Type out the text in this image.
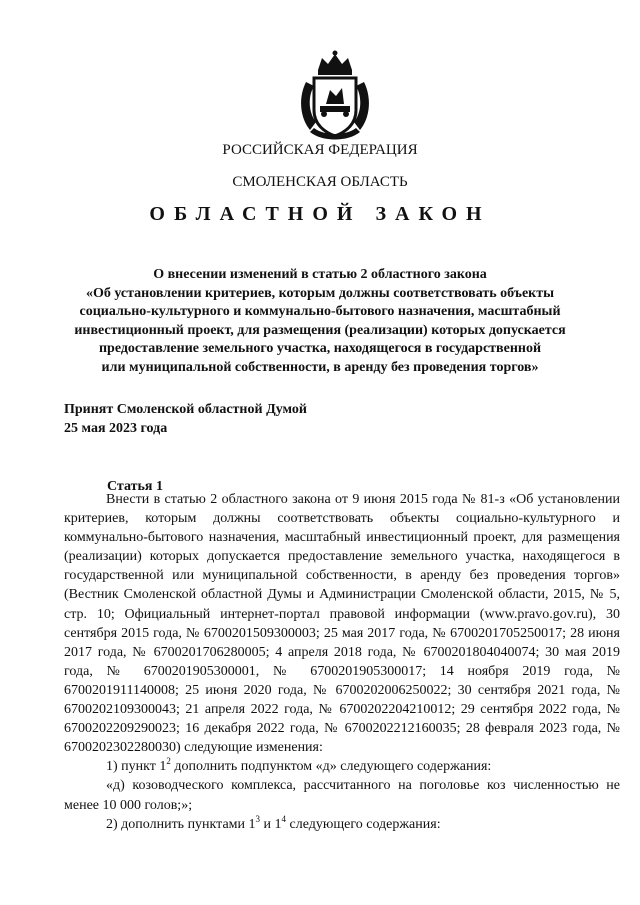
РОССИЙСКАЯ ФЕДЕРАЦИЯ
СМОЛЕНСКАЯ ОБЛАСТЬ
ОБЛАСТНОЙ ЗАКОН
О внесении изменений в статью 2 областного закона
«Об установлении критериев, которым должны соответствовать объекты
социально-культурного и коммунально-бытового назначения, масштабный
инвестиционный проект, для размещения (реализации) которых допускается
предоставление земельного участка, находящегося в государственной
или муниципальной собственности, в аренду без проведения торгов»
Принят Смоленской областной Думой
25 мая 2023 года
Статья 1

Внести в статью 2 областного закона от 9 июня 2015 года № 81-з «Об установлении критериев, которым должны соответствовать объекты социально-культурного и коммунально-бытового назначения, масштабный инвестиционный проект, для размещения (реализации) которых допускается предоставление земельного участка, находящегося в государственной или муниципальной собственности, в аренду без проведения торгов» (Вестник Смоленской областной Думы и Администрации Смоленской области, 2015, № 5, стр. 10; Официальный интернет-портал правовой информации (www.pravo.gov.ru), 30 сентября 2015 года, № 6700201509300003; 25 мая 2017 года, № 6700201705250017; 28 июня 2017 года, № 6700201706280005; 4 апреля 2018 года, № 6700201804040074; 30 мая 2019 года, № 6700201905300001, № 6700201905300017; 14 ноября 2019 года, № 6700201911140008; 25 июня 2020 года, № 6700202006250022; 30 сентября 2021 года, № 6700202109300043; 21 апреля 2022 года, № 6700202204210012; 29 сентября 2022 года, № 6700202209290023; 16 декабря 2022 года, № 6700202212160035; 28 февраля 2023 года, № 6700202302280030) следующие изменения:

1) пункт $1^2$ дополнить подпунктом «д» следующего содержания:

«д) козоводческого комплекса, рассчитанного на поголовье коз численностью не менее 10 000 голов;»;

2) дополнить пунктами $1^3$ и $1^4$ следующего содержания:
